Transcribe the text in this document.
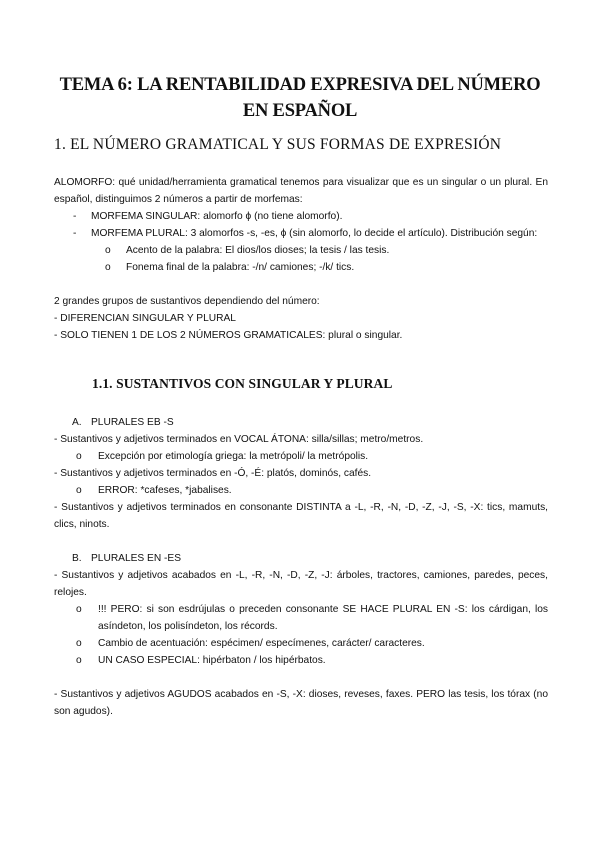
TEMA 6: LA RENTABILIDAD EXPRESIVA DEL NÚMERO
EN ESPAÑOL
1. EL NÚMERO GRAMATICAL Y SUS FORMAS DE EXPRESIÓN

ALOMORFO: qué unidad/herramienta gramatical tenemos para visualizar que es un singular o un plural. En español, distinguimos 2 números a partir de morfemas:

- MORFEMA SINGULAR: alomorfo ϕ (no tiene alomorfo).
- MORFEMA PLURAL: 3 alomorfos -s, -es, ϕ (sin alomorfo, lo decide el artículo). Distribución según:
o Acento de la palabra: El dios/los dioses; la tesis / las tesis.
o Fonema final de la palabra: -/n/ camiones; -/k/ tics.

2 grandes grupos de sustantivos dependiendo del número:

- DIFERENCIAN SINGULAR Y PLURAL

- SOLO TIENEN 1 DE LOS 2 NÚMEROS GRAMATICALES: plural o singular.

1.1. SUSTANTIVOS CON SINGULAR Y PLURAL
A. PLURALES EB -S

- Sustantivos y adjetivos terminados en VOCAL ÁTONA: silla/sillas; metro/metros.

o Excepción por etimología griega: la metrópoli/ la metrópolis.

- Sustantivos y adjetivos terminados en -Ó, -É: platós, dominós, cafés.

o ERROR: *cafeses, *jabalises.

- Sustantivos y adjetivos terminados en consonante DISTINTA a -L, -R, -N, -D, -Z, -J, -S, -X: tics, mamuts, clics, ninots.

B. PLURALES EN -ES

- Sustantivos y adjetivos acabados en -L, -R, -N, -D, -Z, -J: árboles, tractores, camiones, paredes, peces, relojes.

o !!! PERO: si son esdrújulas o preceden consonante SE HACE PLURAL EN -S: los cárdigan, los asíndeton, los polisíndeton, los récords.
o Cambio de acentuación: espécimen/ especímenes, carácter/ caracteres.
o UN CASO ESPECIAL: hipérbaton / los hipérbatos.

- Sustantivos y adjetivos AGUDOS acabados en -S, -X: dioses, reveses, faxes. PERO las tesis, los tórax (no son agudos).
